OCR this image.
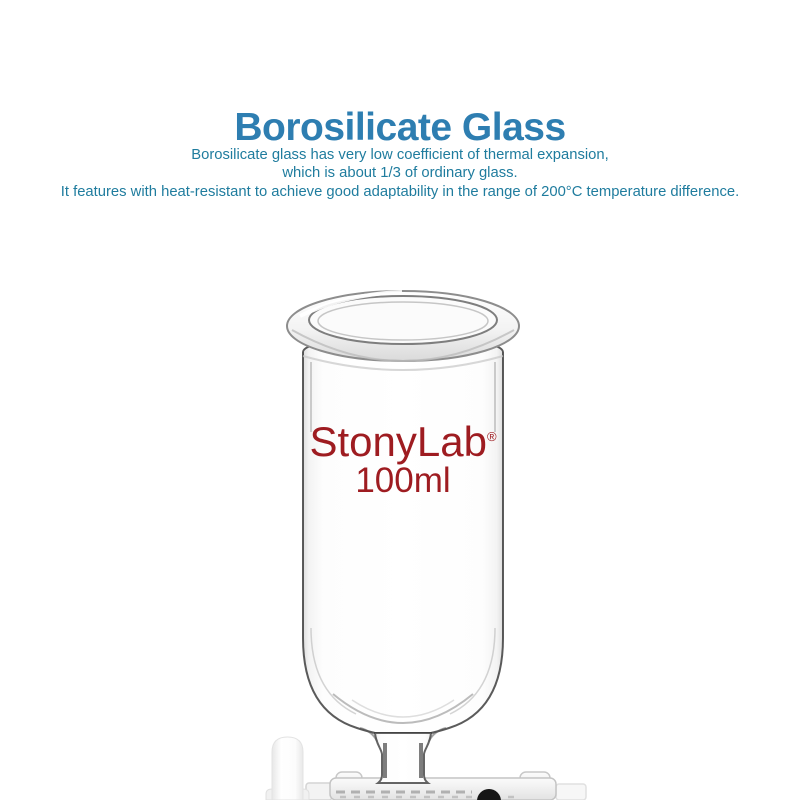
Borosilicate Glass
Borosilicate glass has very low coefficient of thermal expansion,
which is about 1/3 of ordinary glass.
It features with heat-resistant to achieve good adaptability in the range of 200°C temperature difference.
StonyLab®
100ml
